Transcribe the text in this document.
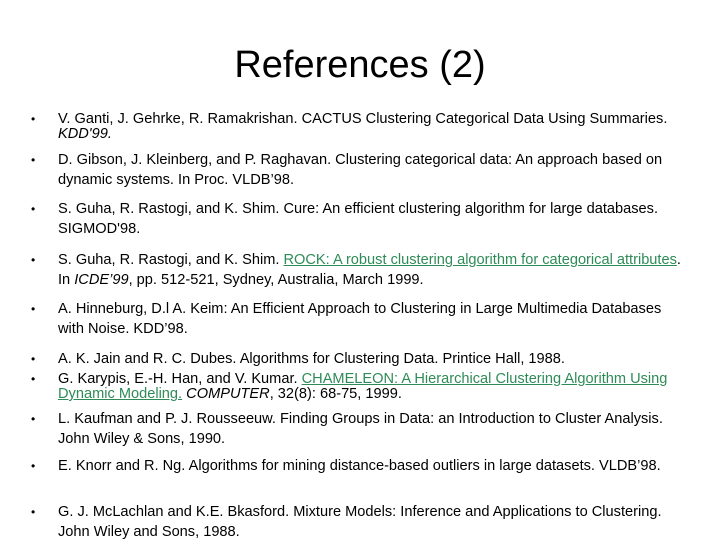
References (2)
• V. Ganti, J. Gehrke, R. Ramakrishan. CACTUS Clustering Categorical Data Using Summaries. KDD'99.
• D. Gibson, J. Kleinberg, and P. Raghavan. Clustering categorical data: An approach based on dynamic systems. In Proc. VLDB’98.
• S. Guha, R. Rastogi, and K. Shim. Cure: An efficient clustering algorithm for large databases. SIGMOD'98.
• S. Guha, R. Rastogi, and K. Shim. ROCK: A robust clustering algorithm for categorical attributes. In ICDE’99, pp. 512-521, Sydney, Australia, March 1999.
• A. Hinneburg, D.l A. Keim: An Efficient Approach to Clustering in Large Multimedia Databases with Noise. KDD’98.
• A. K. Jain and R. C. Dubes. Algorithms for Clustering Data. Printice Hall, 1988.
• G. Karypis, E.-H. Han, and V. Kumar. CHAMELEON: A Hierarchical Clustering Algorithm Using Dynamic Modeling. COMPUTER, 32(8): 68-75, 1999.
• L. Kaufman and P. J. Rousseeuw. Finding Groups in Data: an Introduction to Cluster Analysis. John Wiley & Sons, 1990.
• E. Knorr and R. Ng. Algorithms for mining distance-based outliers in large datasets. VLDB’98.
• G. J. McLachlan and K.E. Bkasford. Mixture Models: Inference and Applications to Clustering. John Wiley and Sons, 1988.
